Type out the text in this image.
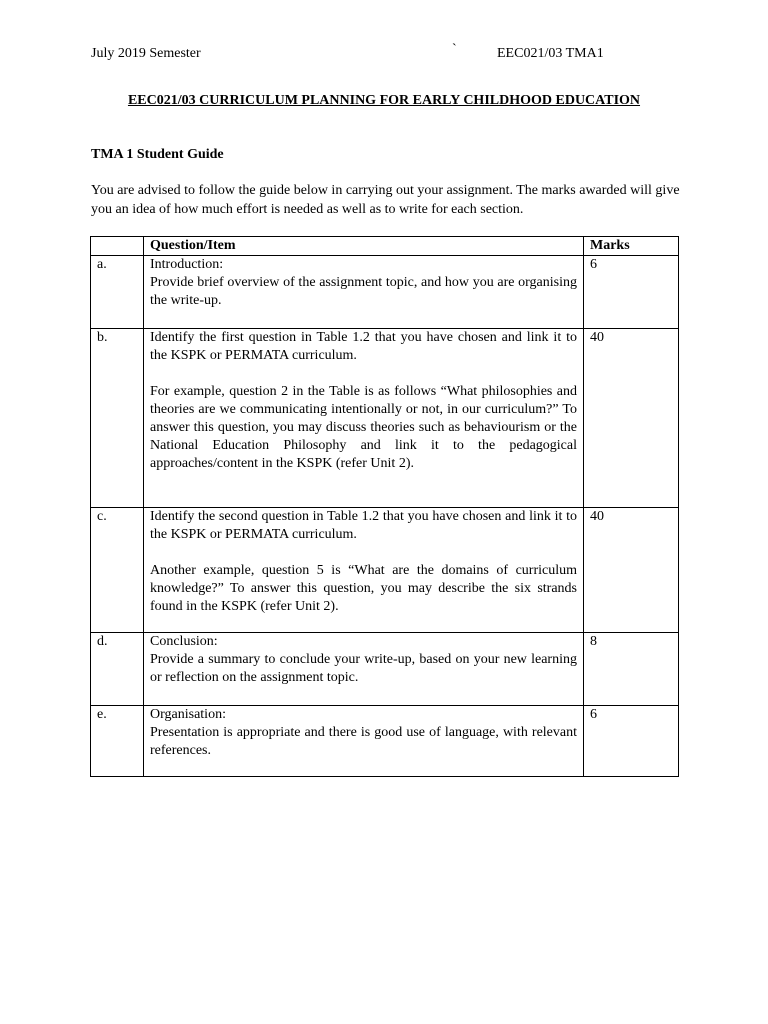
July 2019 Semester	`	EEC021/03 TMA1
EEC021/03 CURRICULUM PLANNING FOR EARLY CHILDHOOD EDUCATION
TMA 1 Student Guide
You are advised to follow the guide below in carrying out your assignment. The marks awarded will give you an idea of how much effort is needed as well as to write for each section.
	Question/Item	Marks
a.	Introduction:
Provide brief overview of the assignment topic, and how you are organising the write-up.	6
b.	Identify the first question in Table 1.2 that you have chosen and link it to the KSPK or PERMATA curriculum.
For example, question 2 in the Table is as follows “What philosophies and theories are we communicating intentionally or not, in our curriculum?” To answer this question, you may discuss theories such as behaviourism or the National Education Philosophy and link it to the pedagogical approaches/content in the KSPK (refer Unit 2).	40
c.	Identify the second question in Table 1.2 that you have chosen and link it to the KSPK or PERMATA curriculum.
Another example, question 5 is “What are the domains of curriculum knowledge?” To answer this question, you may describe the six strands found in the KSPK (refer Unit 2).	40
d.	Conclusion:
Provide a summary to conclude your write-up, based on your new learning or reflection on the assignment topic.	8
e.	Organisation:
Presentation is appropriate and there is good use of language, with relevant references.	6
